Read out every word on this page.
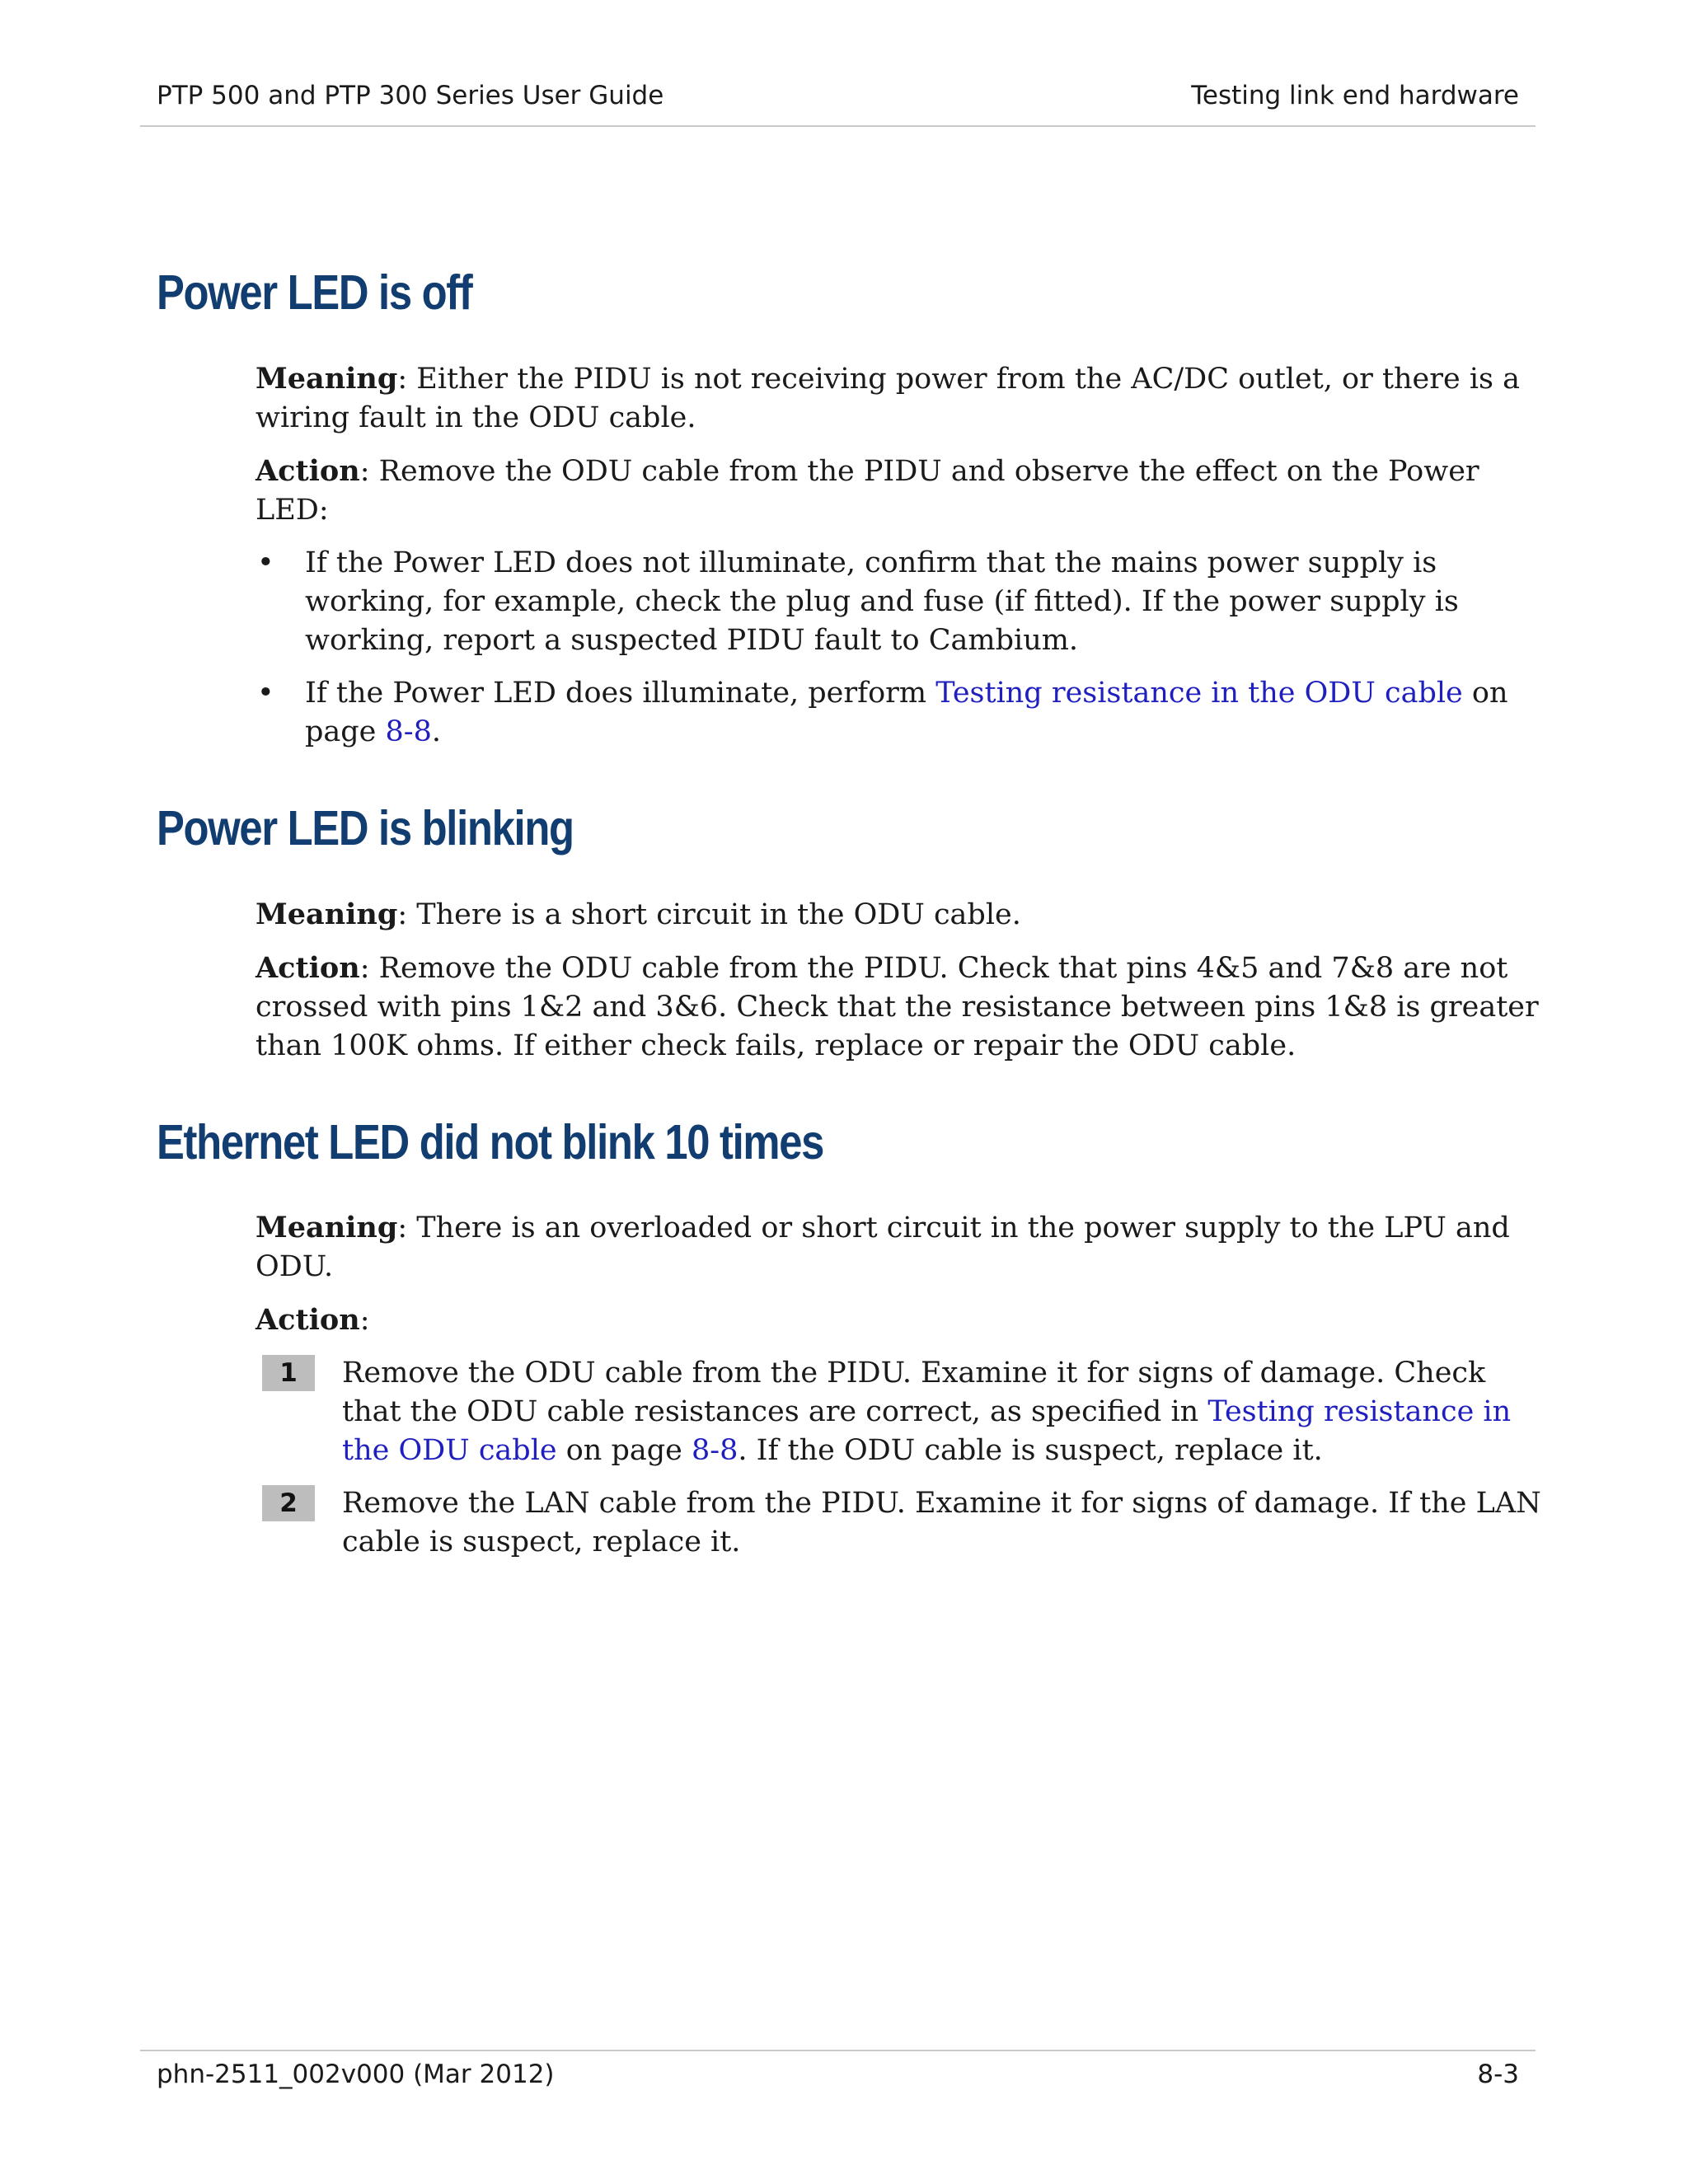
PTP 500 and PTP 300 Series User Guide	Testing link end hardware
Power LED is off

Meaning: Either the PIDU is not receiving power from the AC/DC outlet, or there is a wiring fault in the ODU cable.

Action: Remove the ODU cable from the PIDU and observe the effect on the Power LED:

• If the Power LED does not illuminate, confirm that the mains power supply is working, for example, check the plug and fuse (if fitted). If the power supply is working, report a suspected PIDU fault to Cambium.
• If the Power LED does illuminate, perform Testing resistance in the ODU cable on page 8-8.
Power LED is blinking

Meaning: There is a short circuit in the ODU cable.

Action: Remove the ODU cable from the PIDU. Check that pins 4&5 and 7&8 are not crossed with pins 1&2 and 3&6. Check that the resistance between pins 1&8 is greater than 100K ohms. If either check fails, replace or repair the ODU cable.

Ethernet LED did not blink 10 times

Meaning: There is an overloaded or short circuit in the power supply to the LPU and ODU.

Action:

1	Remove the ODU cable from the PIDU. Examine it for signs of damage. Check that the ODU cable resistances are correct, as specified in Testing resistance in the ODU cable on page 8-8. If the ODU cable is suspect, replace it.
2	Remove the LAN cable from the PIDU. Examine it for signs of damage. If the LAN cable is suspect, replace it.
phn-2511_002v000 (Mar 2012)	8-3
